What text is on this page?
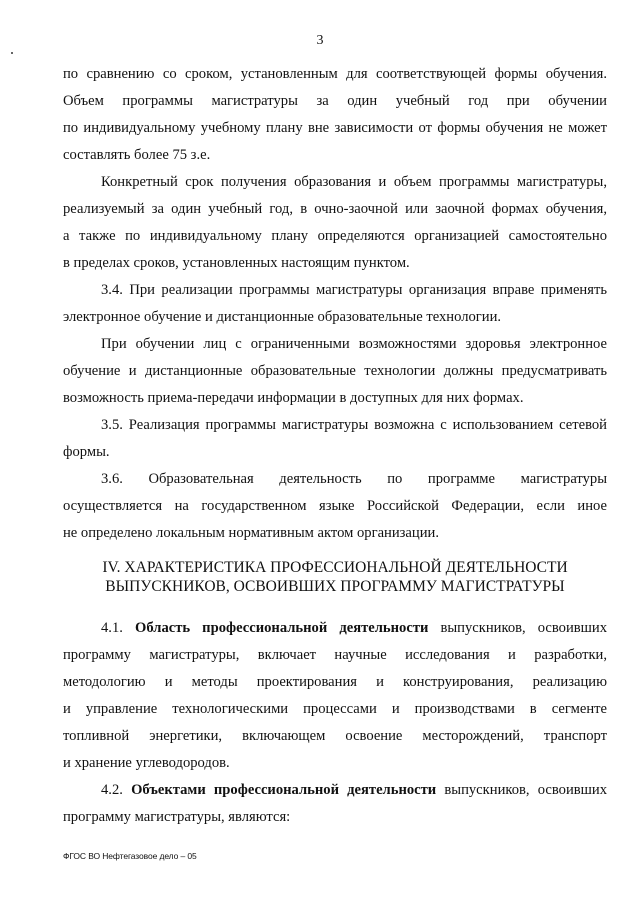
3
по сравнению со сроком, установленным для соответствующей формы обучения.
Объем программы магистратуры за один учебный год при обучении
по индивидуальному учебному плану вне зависимости от формы обучения не может
составлять более 75 з.е.
Конкретный срок получения образования и объем программы магистратуры,
реализуемый за один учебный год, в очно-заочной или заочной формах обучения,
а также по индивидуальному плану определяются организацией самостоятельно
в пределах сроков, установленных настоящим пунктом.
3.4. При реализации программы магистратуры организация вправе применять
электронное обучение и дистанционные образовательные технологии.
При обучении лиц с ограниченными возможностями здоровья электронное
обучение и дистанционные образовательные технологии должны предусматривать
возможность приема-передачи информации в доступных для них формах.
3.5. Реализация программы магистратуры возможна с использованием сетевой
формы.
3.6. Образовательная деятельность по программе магистратуры
осуществляется на государственном языке Российской Федерации, если иное
не определено локальным нормативным актом организации.
IV. ХАРАКТЕРИСТИКА ПРОФЕССИОНАЛЬНОЙ ДЕЯТЕЛЬНОСТИ
ВЫПУСКНИКОВ, ОСВОИВШИХ ПРОГРАММУ МАГИСТРАТУРЫ
4.1. Область профессиональной деятельности выпускников, освоивших
программу магистратуры, включает научные исследования и разработки,
методологию и методы проектирования и конструирования, реализацию
и управление технологическими процессами и производствами в сегменте
топливной энергетики, включающем освоение месторождений, транспорт
и хранение углеводородов.
4.2. Объектами профессиональной деятельности выпускников, освоивших
программу магистратуры, являются:
ФГОС ВО Нефтегазовое дело – 05
